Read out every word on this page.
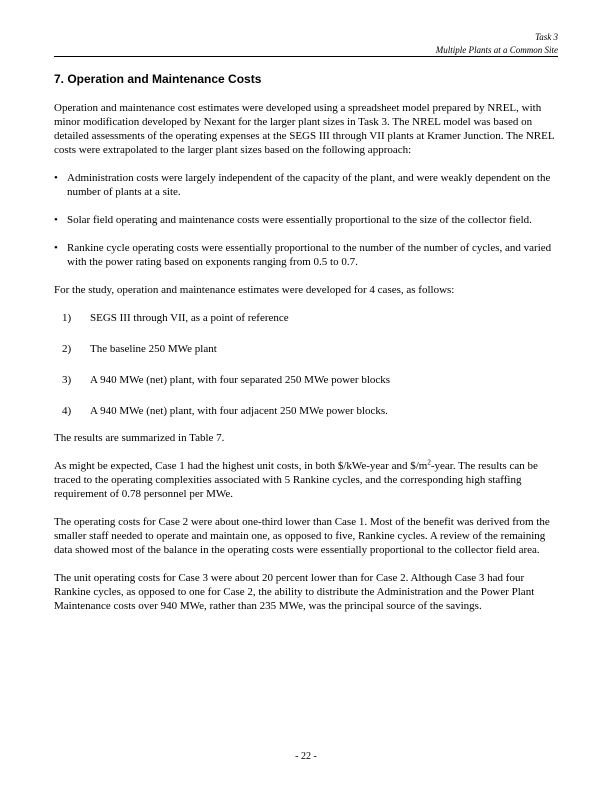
Task 3
Multiple Plants at a Common Site
7. Operation and Maintenance Costs

Operation and maintenance cost estimates were developed using a spreadsheet model prepared by NREL, with minor modification developed by Nexant for the larger plant sizes in Task 3. The NREL model was based on detailed assessments of the operating expenses at the SEGS III through VII plants at Kramer Junction. The NREL costs were extrapolated to the larger plant sizes based on the following approach:

• Administration costs were largely independent of the capacity of the plant, and were weakly dependent on the number of plants at a site.
• Solar field operating and maintenance costs were essentially proportional to the size of the collector field.
• Rankine cycle operating costs were essentially proportional to the number of the number of cycles, and varied with the power rating based on exponents ranging from 0.5 to 0.7.

For the study, operation and maintenance estimates were developed for 4 cases, as follows:

1) SEGS III through VII, as a point of reference
2) The baseline 250 MWe plant
3) A 940 MWe (net) plant, with four separated 250 MWe power blocks
4) A 940 MWe (net) plant, with four adjacent 250 MWe power blocks.

The results are summarized in Table 7.

As might be expected, Case 1 had the highest unit costs, in both $/kWe-year and $\$/m^2$-year. The results can be traced to the operating complexities associated with 5 Rankine cycles, and the corresponding high staffing requirement of 0.78 personnel per MWe.

The operating costs for Case 2 were about one-third lower than Case 1. Most of the benefit was derived from the smaller staff needed to operate and maintain one, as opposed to five, Rankine cycles. A review of the remaining data showed most of the balance in the operating costs were essentially proportional to the collector field area.

The unit operating costs for Case 3 were about 20 percent lower than for Case 2. Although Case 3 had four Rankine cycles, as opposed to one for Case 2, the ability to distribute the Administration and the Power Plant Maintenance costs over 940 MWe, rather than 235 MWe, was the principal source of the savings.

- 22 -
